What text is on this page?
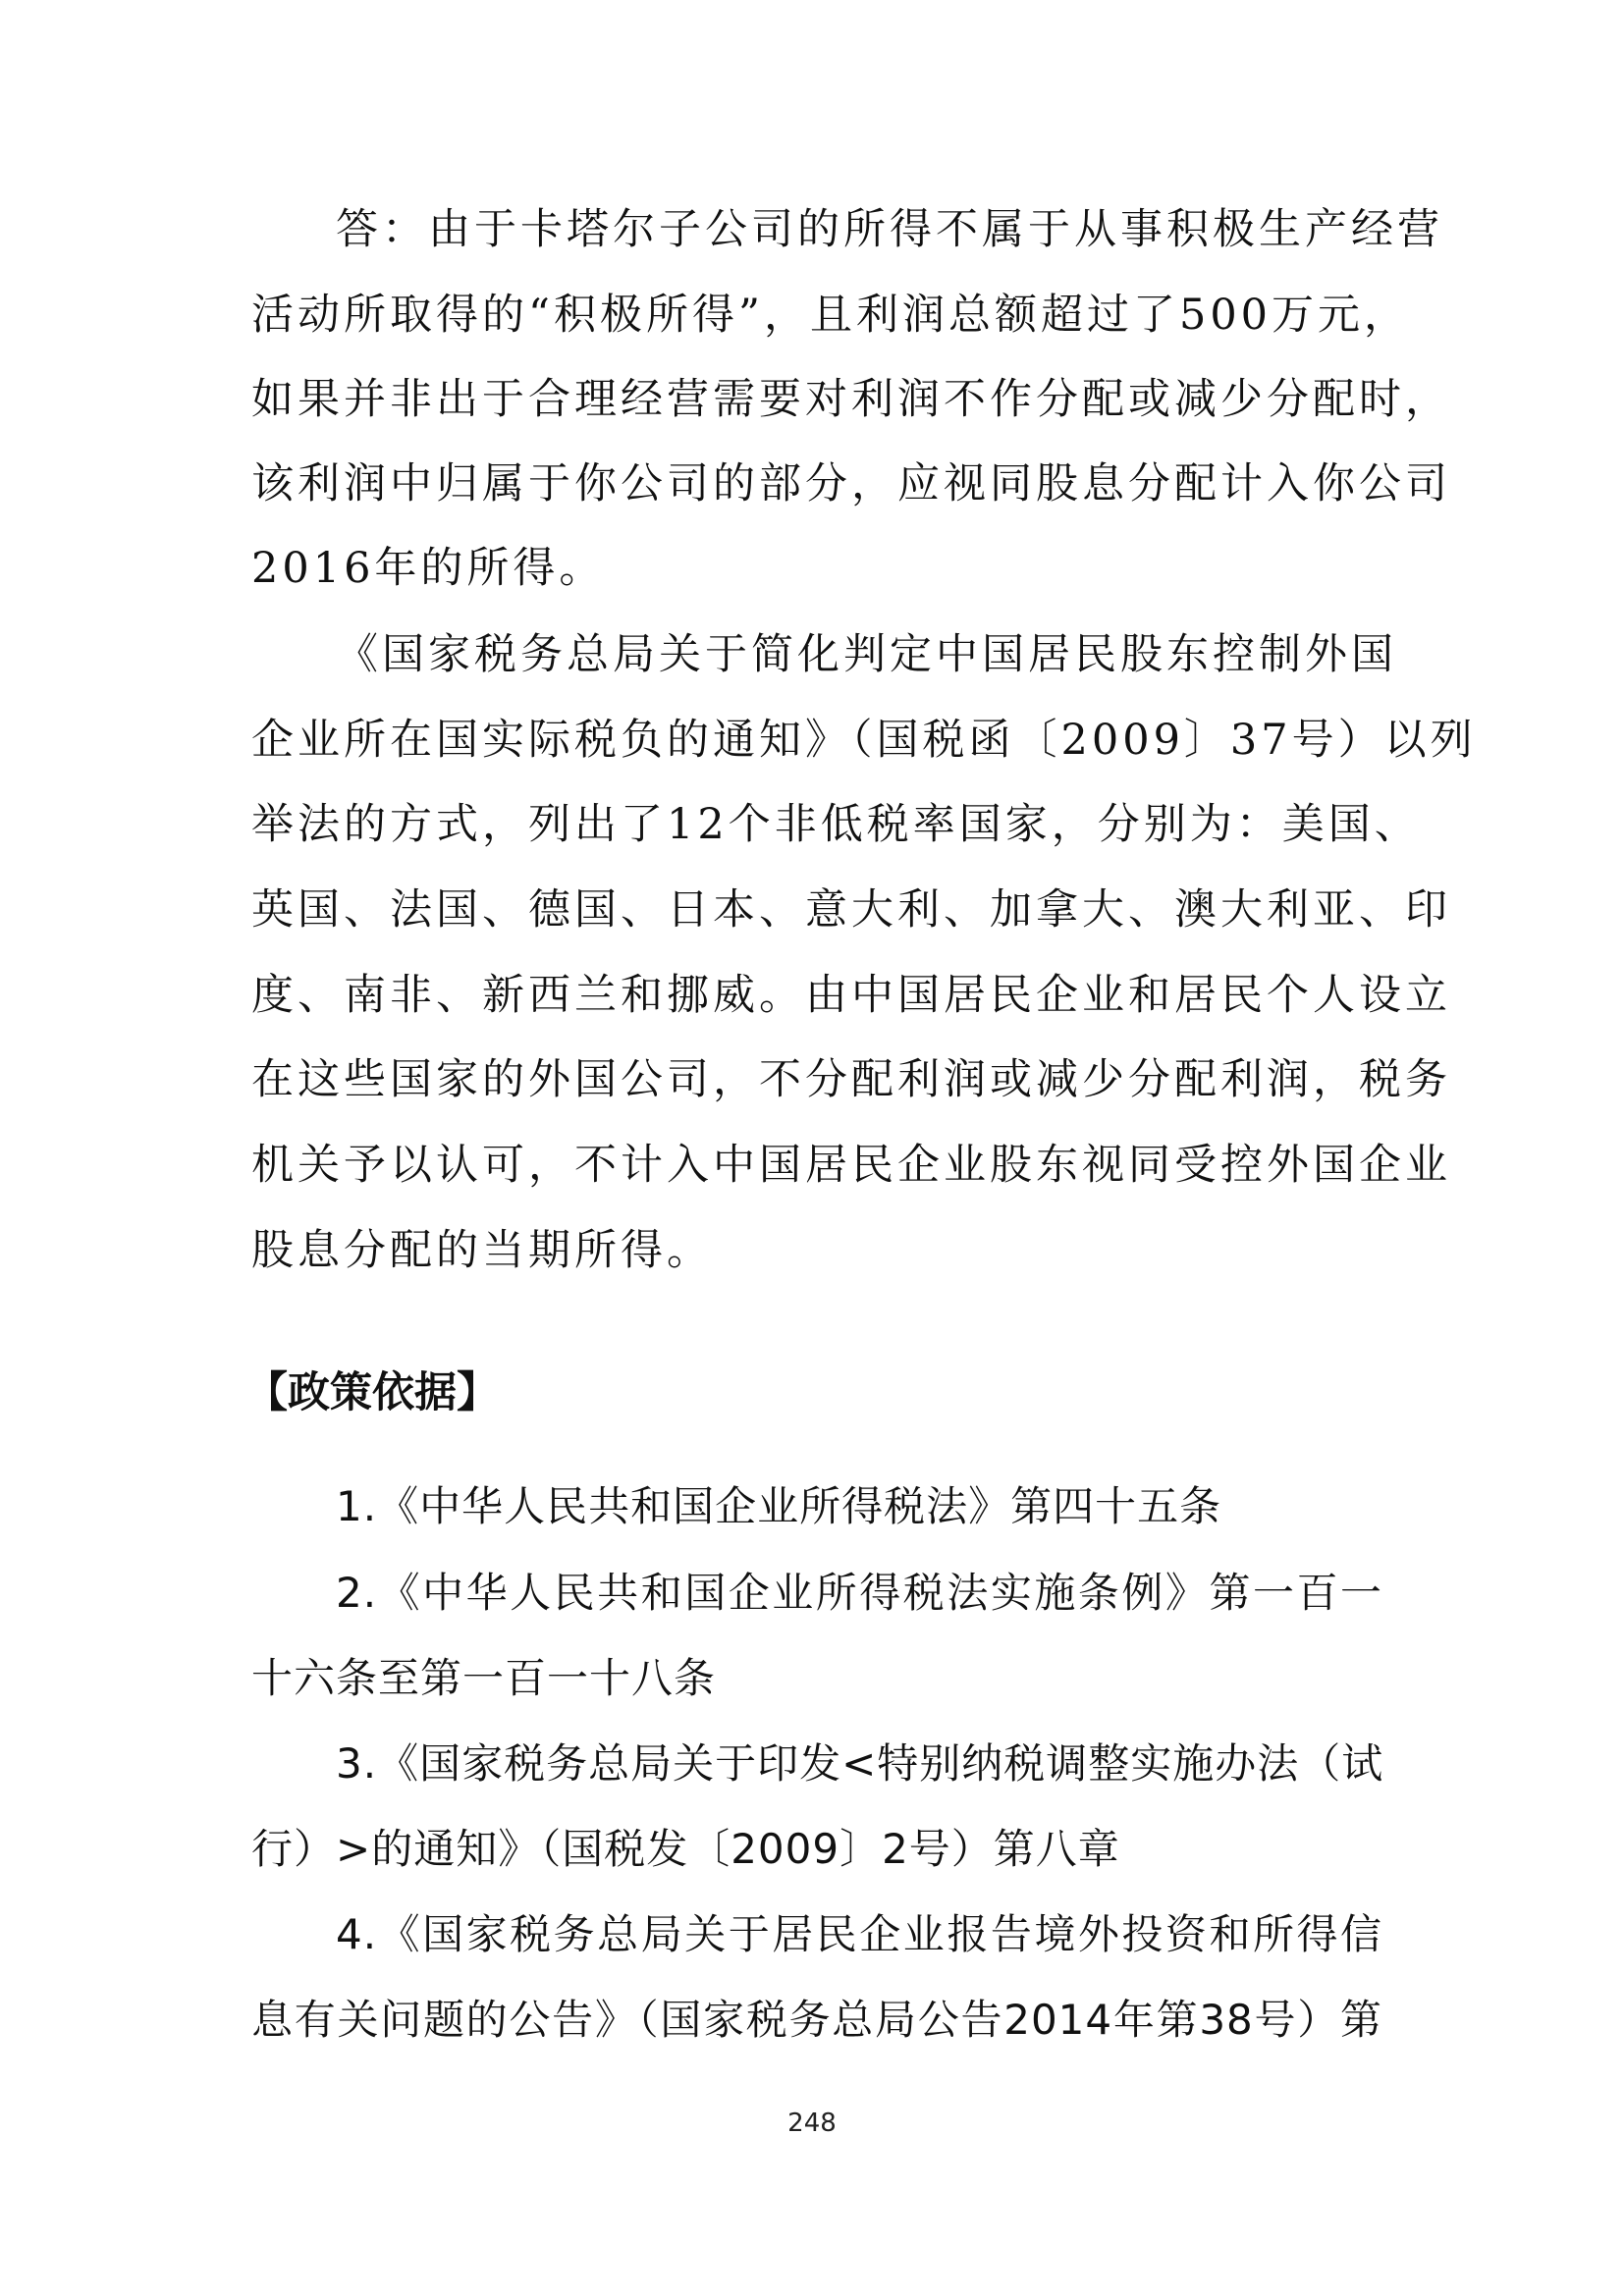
答：由于卡塔尔子公司的所得不属于从事积极生产经营

活动所取得的“积极所得”，且利润总额超过了500万元，

如果并非出于合理经营需要对利润不作分配或减少分配时，

该利润中归属于你公司的部分，应视同股息分配计入你公司

2016年的所得。

《国家税务总局关于简化判定中国居民股东控制外国

企业所在国实际税负的通知》（国税函〔2009〕37号）以列

举法的方式，列出了12个非低税率国家，分别为：美国、

英国、法国、德国、日本、意大利、加拿大、澳大利亚、印

度、南非、新西兰和挪威。由中国居民企业和居民个人设立

在这些国家的外国公司，不分配利润或减少分配利润，税务

机关予以认可，不计入中国居民企业股东视同受控外国企业

股息分配的当期所得。

【政策依据】

1.《中华人民共和国企业所得税法》第四十五条

2.《中华人民共和国企业所得税法实施条例》第一百一

十六条至第一百一十八条

3.《国家税务总局关于印发<特别纳税调整实施办法（试

行）>的通知》（国税发〔2009〕2号）第八章

4.《国家税务总局关于居民企业报告境外投资和所得信

息有关问题的公告》（国家税务总局公告2014年第38号）第

248
